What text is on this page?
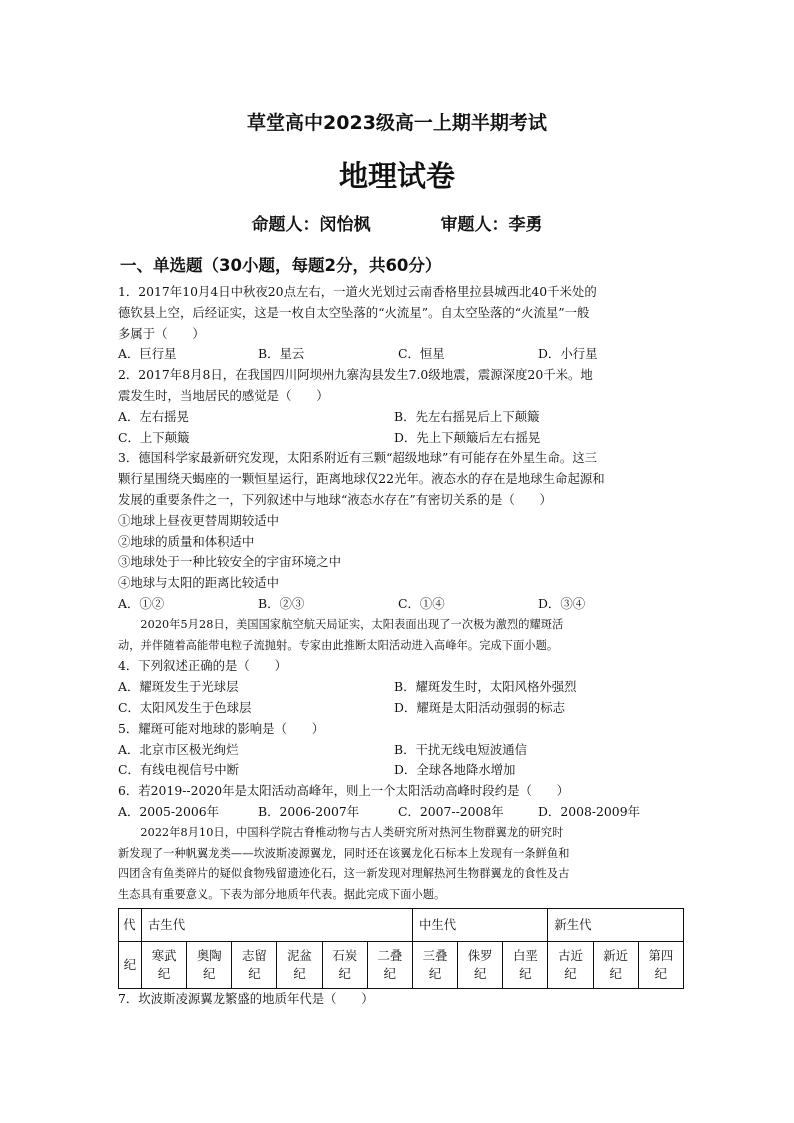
草堂高中2023级高一上期半期考试
地理试卷
命题人：闵怡枫	审题人：李勇
一、单选题（30小题，每题2分，共60分）

1．2017年10月4日中秋夜20点左右，一道火光划过云南香格里拉县城西北40千米处的

德钦县上空，后经证实，这是一枚自太空坠落的“火流星”。自太空坠落的“火流星”一般

多属于（　　）

A．巨行星	B．星云	C．恒星	D．小行星

2．2017年8月8日，在我国四川阿坝州九寨沟县发生7.0级地震，震源深度20千米。地

震发生时，当地居民的感觉是（　　）

A．左右摇晃	B．先左右摇晃后上下颠簸
C．上下颠簸	D．先上下颠簸后左右摇晃

3．德国科学家最新研究发现，太阳系附近有三颗“超级地球”有可能存在外星生命。这三

颗行星围绕天蝎座的一颗恒星运行，距离地球仅22光年。液态水的存在是地球生命起源和

发展的重要条件之一，下列叙述中与地球“液态水存在”有密切关系的是（　　）

①地球上昼夜更替周期较适中

②地球的质量和体积适中

③地球处于一种比较安全的宇宙环境之中

④地球与太阳的距离比较适中

A．①②	B．②③	C．①④	D．③④

2020年5月28日，美国国家航空航天局证实，太阳表面出现了一次极为激烈的耀斑活

动，并伴随着高能带电粒子流抛射。专家由此推断太阳活动进入高峰年。完成下面小题。

4．下列叙述正确的是（　　）

A．耀斑发生于光球层	B．耀斑发生时，太阳风格外强烈
C．太阳风发生于色球层	D．耀斑是太阳活动强弱的标志

5．耀斑可能对地球的影响是（　　）

A．北京市区极光绚烂	B．干扰无线电短波通信
C．有线电视信号中断	D．全球各地降水增加

6．若2019--2020年是太阳活动高峰年，则上一个太阳活动高峰时段约是（　　）

A．2005-2006年	B．2006-2007年	C．2007--2008年	D．2008-2009年

2022年8月10日，中国科学院古脊椎动物与古人类研究所对热河生物群翼龙的研究时

新发现了一种帆翼龙类——坎波斯凌源翼龙，同时还在该翼龙化石标本上发现有一条鲜鱼和

四团含有鱼类碎片的疑似食物残留遗迹化石，这一新发现对理解热河生物群翼龙的食性及古

生态具有重要意义。下表为部分地质年代表。据此完成下面小题。

代	古生代						中生代			新生代		
纪	寒武
纪	奥陶
纪	志留
纪	泥盆
纪	石炭
纪	二叠
纪	三叠
纪	侏罗
纪	白垩
纪	古近
纪	新近
纪	第四
纪

7．坎波斯凌源翼龙繁盛的地质年代是（　　）
